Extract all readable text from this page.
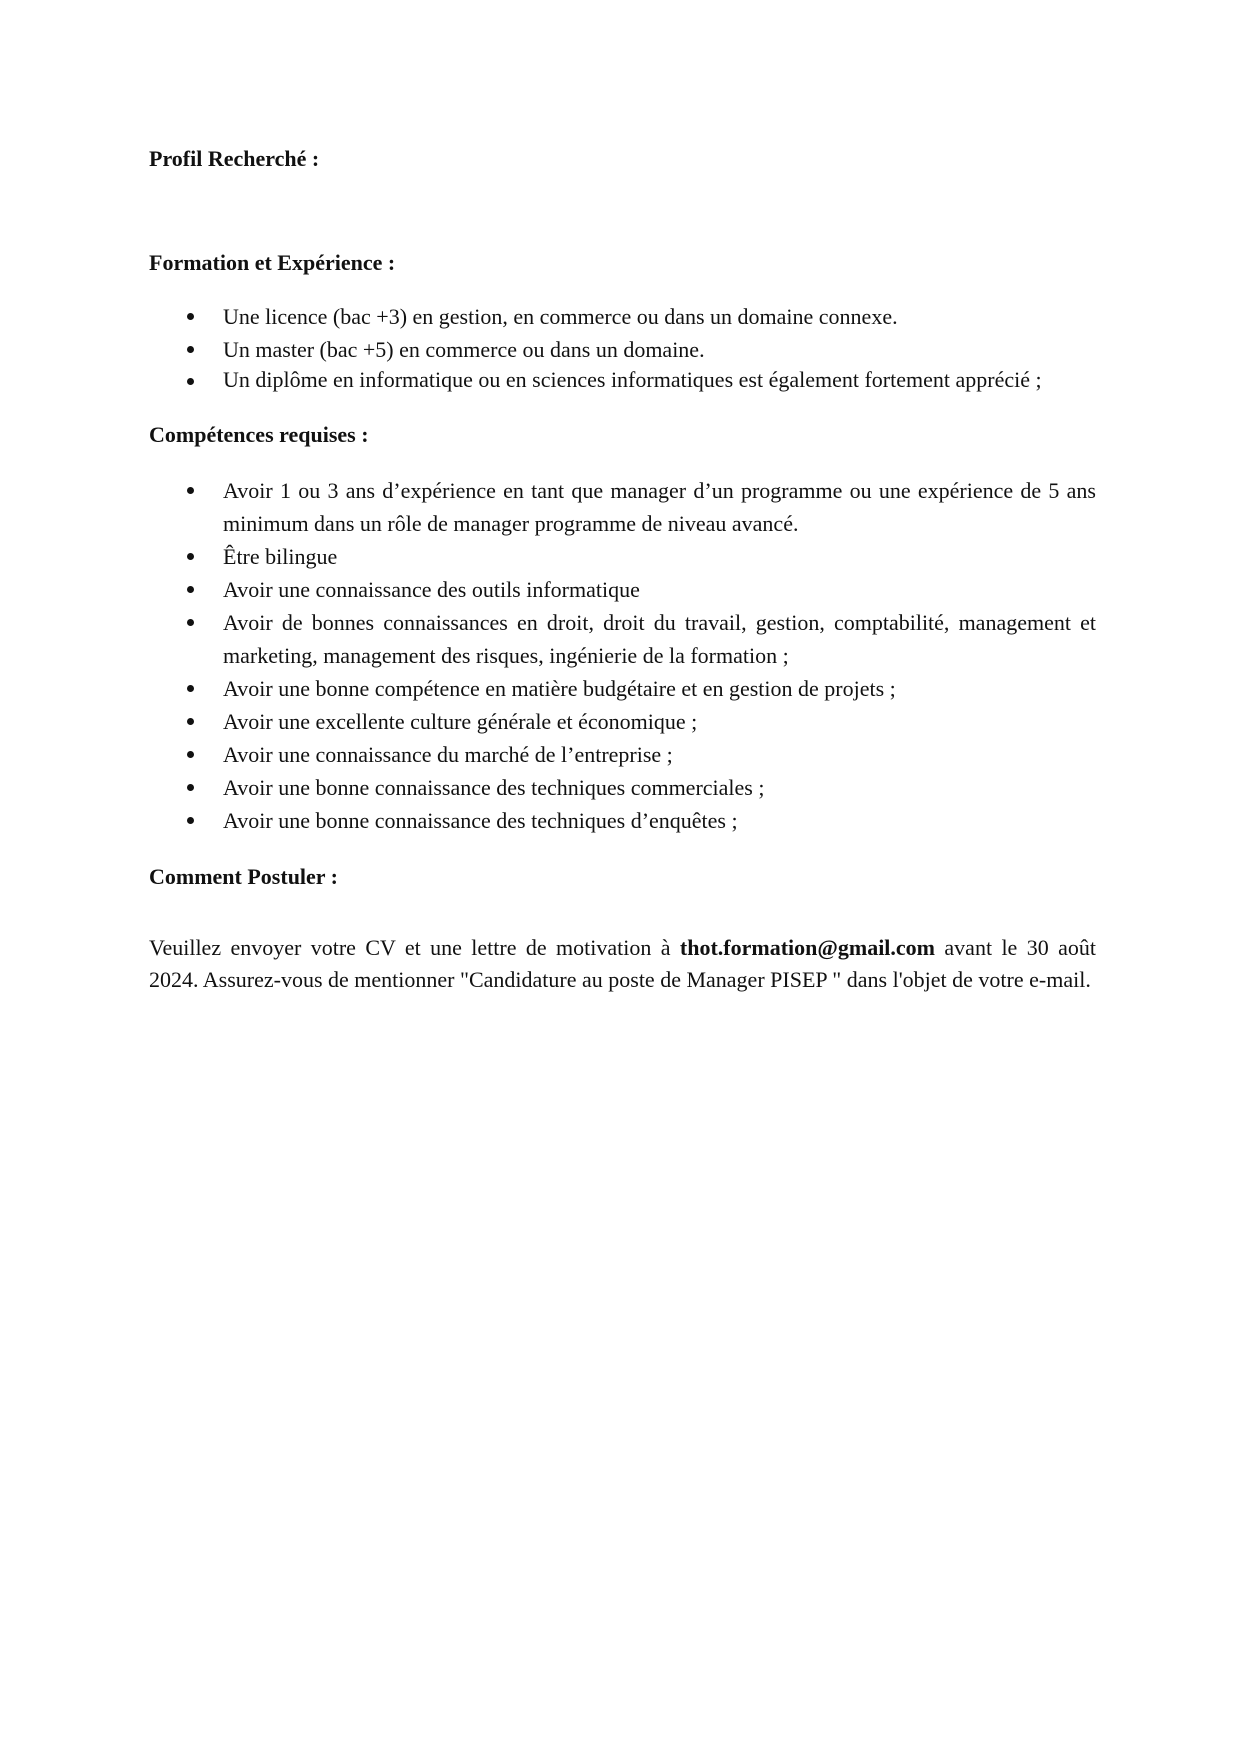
Profil Recherché :

Formation et Expérience :

Une licence (bac +3) en gestion, en commerce ou dans un domaine connexe.
Un master (bac +5) en commerce ou dans un domaine.
Un diplôme en informatique ou en sciences informatiques est également fortement apprécié ;

Compétences requises :

Avoir 1 ou 3 ans d’expérience en tant que manager d’un programme ou une expérience de 5 ans minimum dans un rôle de manager programme de niveau avancé.
Être bilingue
Avoir une connaissance des outils informatique
Avoir de bonnes connaissances en droit, droit du travail, gestion, comptabilité, management et marketing, management des risques, ingénierie de la formation ;
Avoir une bonne compétence en matière budgétaire et en gestion de projets ;
Avoir une excellente culture générale et économique ;
Avoir une connaissance du marché de l’entreprise ;
Avoir une bonne connaissance des techniques commerciales ;
Avoir une bonne connaissance des techniques d’enquêtes ;

Comment Postuler :

Veuillez envoyer votre CV et une lettre de motivation à thot.formation@gmail.com avant le 30 août 2024. Assurez-vous de mentionner "Candidature au poste de Manager PISEP " dans l'objet de votre e-mail.
